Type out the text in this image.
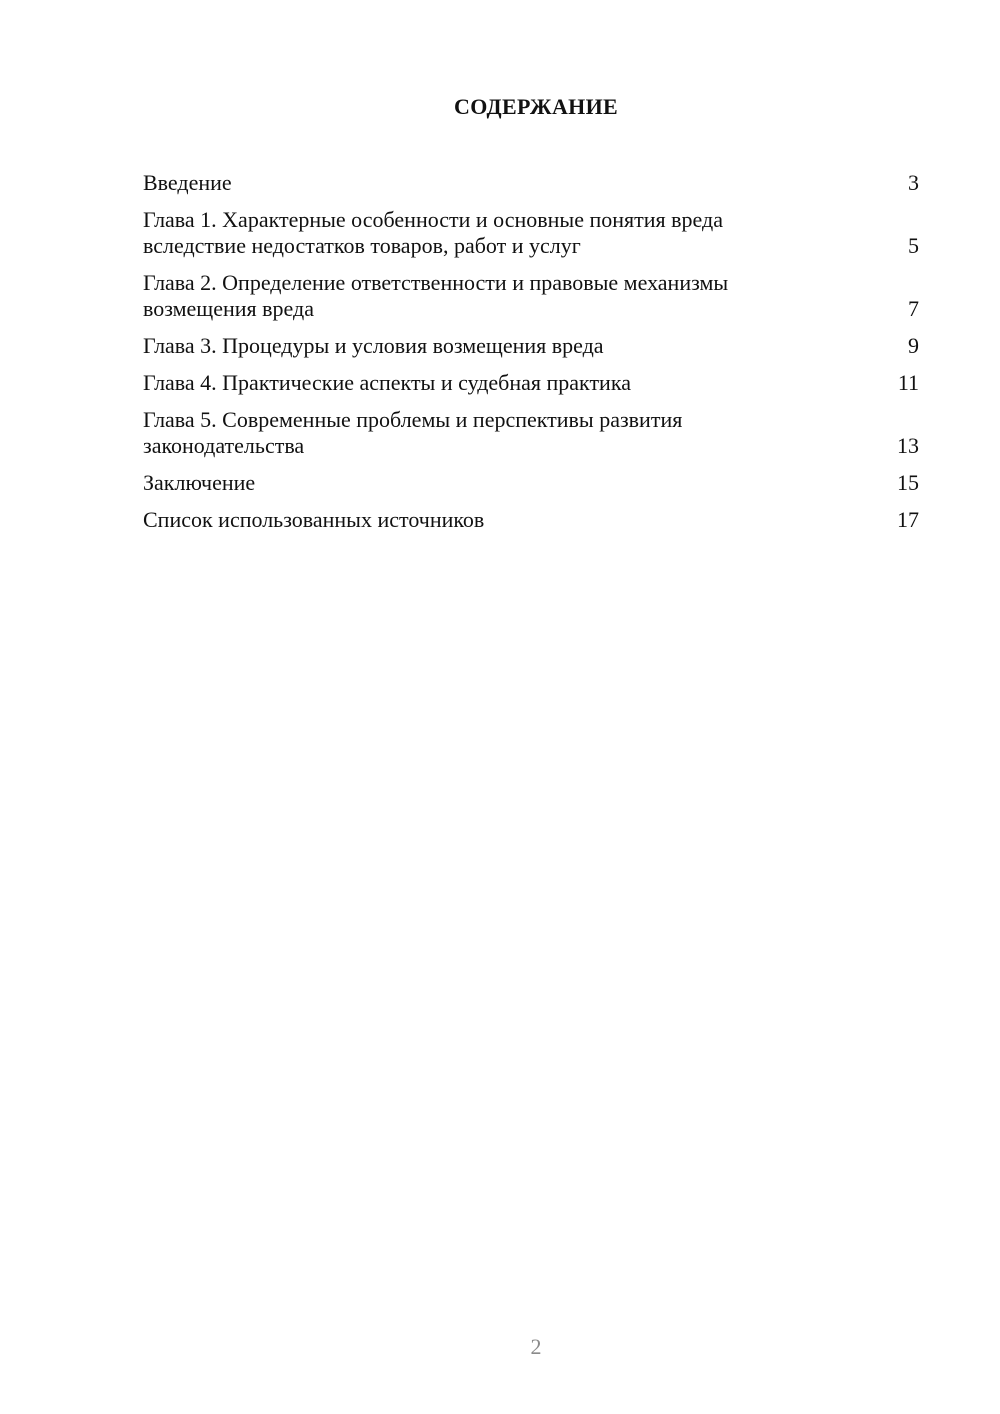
СОДЕРЖАНИЕ
Введение	3
Глава 1. Характерные особенности и основные понятия вреда
вследствие недостатков товаров, работ и услуг	5
Глава 2. Определение ответственности и правовые механизмы
возмещения вреда	7
Глава 3. Процедуры и условия возмещения вреда	9
Глава 4. Практические аспекты и судебная практика	11
Глава 5. Современные проблемы и перспективы развития
законодательства	13
Заключение	15
Список использованных источников	17
2
